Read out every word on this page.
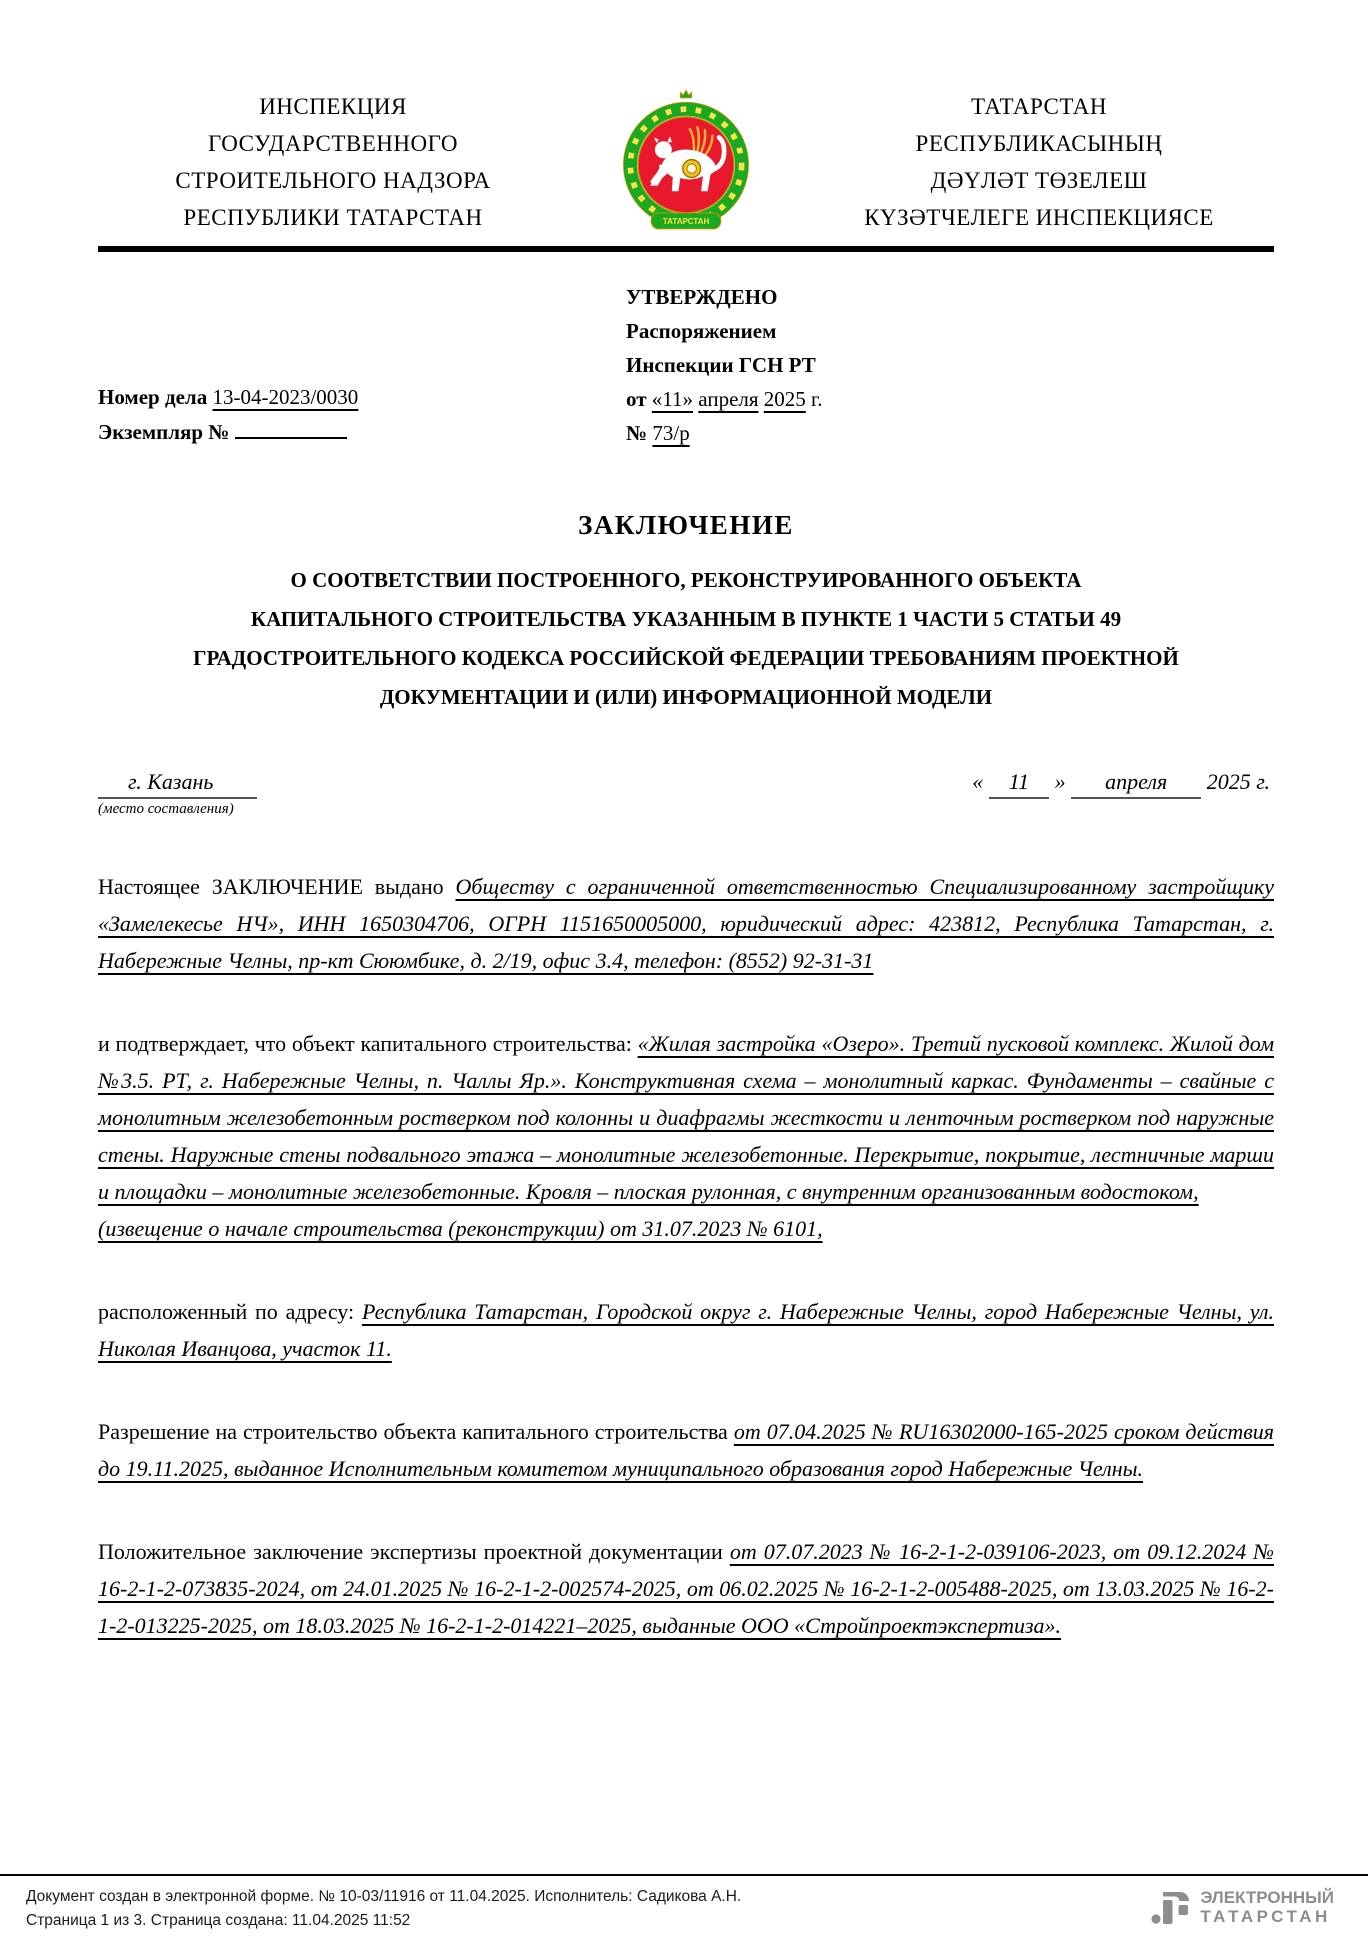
ИНСПЕКЦИЯ
ГОСУДАРСТВЕННОГО
СТРОИТЕЛЬНОГО НАДЗОРА
РЕСПУБЛИКИ ТАТАРСТАН	ТАТАРСТАН
ТАТАРСТАН
РЕСПУБЛИКАСЫНЫҢ
ДӘҮЛӘТ ТӨЗЕЛЕШ
КҮЗӘТЧЕЛЕГЕ ИНСПЕКЦИЯСЕ
Номер дела 13-04-2023/0030
Экземпляр №
УТВЕРЖДЕНО
Распоряжением
Инспекции ГСН РТ
от «11» апреля 2025 г.
№ 73/р
ЗАКЛЮЧЕНИЕ
О СООТВЕТСТВИИ ПОСТРОЕННОГО, РЕКОНСТРУИРОВАННОГО ОБЪЕКТА
КАПИТАЛЬНОГО СТРОИТЕЛЬСТВА УКАЗАННЫМ В ПУНКТЕ 1 ЧАСТИ 5 СТАТЬИ 49
ГРАДОСТРОИТЕЛЬНОГО КОДЕКСА РОССИЙСКОЙ ФЕДЕРАЦИИ ТРЕБОВАНИЯМ ПРОЕКТНОЙ
ДОКУМЕНТАЦИИ И (ИЛИ) ИНФОРМАЦИОННОЙ МОДЕЛИ
г. Казань
(место составления)
« 11 » апреля 2025 г.
Настоящее ЗАКЛЮЧЕНИЕ выдано Обществу с ограниченной ответственностью Специализированному застройщику «Замелекесье НЧ», ИНН 1650304706, ОГРН 1151650005000, юридический адрес: 423812, Республика Татарстан, г. Набережные Челны, пр-кт Сююмбике, д. 2/19, офис 3.4, телефон: (8552) 92-31-31
и подтверждает, что объект капитального строительства: «Жилая застройка «Озеро». Третий пусковой комплекс. Жилой дом №3.5. РТ, г. Набережные Челны, п. Чаллы Яр.». Конструктивная схема – монолитный каркас. Фундаменты – свайные с монолитным железобетонным ростверком под колонны и диафрагмы жесткости и ленточным ростверком под наружные стены. Наружные стены подвального этажа – монолитные железобетонные. Перекрытие, покрытие, лестничные марши и площадки – монолитные железобетонные. Кровля – плоская рулонная, с внутренним организованным водостоком,
(извещение о начале строительства (реконструкции) от 31.07.2023 № 6101,
расположенный по адресу: Республика Татарстан, Городской округ г. Набережные Челны, город Набережные Челны, ул. Николая Иванцова, участок 11.
Разрешение на строительство объекта капитального строительства от 07.04.2025 № RU16302000-165-2025 сроком действия до 19.11.2025, выданное Исполнительным комитетом муниципального образования город Набережные Челны.
Положительное заключение экспертизы проектной документации от 07.07.2023 № 16-2-1-2-039106-2023, от 09.12.2024 № 16-2-1-2-073835-2024, от 24.01.2025 № 16-2-1-2-002574-2025, от 06.02.2025 № 16-2-1-2-005488-2025, от 13.03.2025 № 16-2-1-2-013225-2025, от 18.03.2025 № 16-2-1-2-014221–2025, выданные ООО «Стройпроектэкспертиза».
Документ создан в электронной форме. № 10-03/11916 от 11.04.2025. Исполнитель: Садикова А.Н.
Страница 1 из 3. Страница создана: 11.04.2025 11:52
ЭЛЕКТРОННЫЙ
ТАТАРСТАН
